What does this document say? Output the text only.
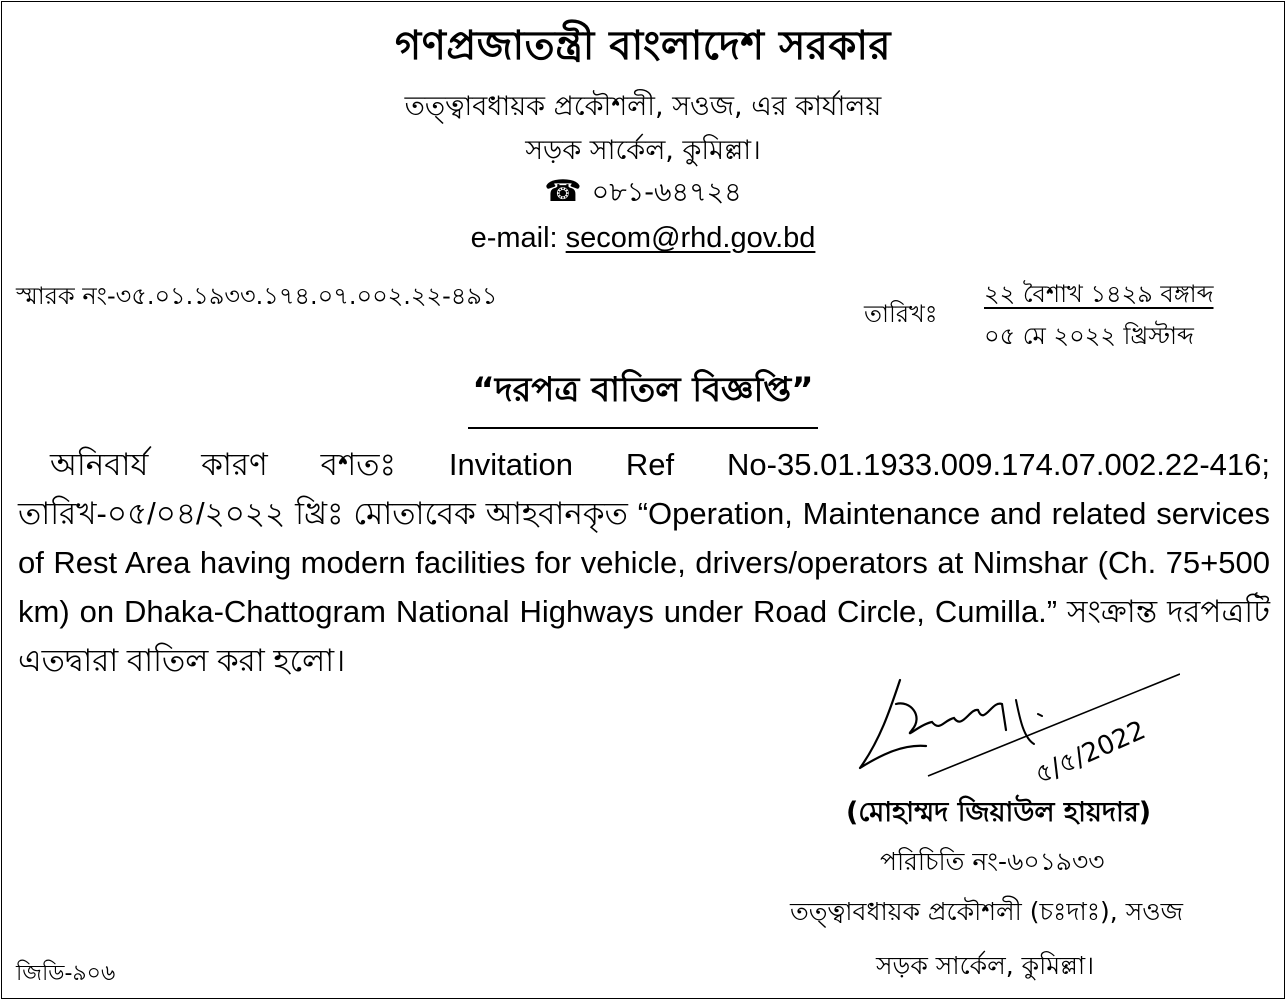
গণপ্রজাতন্ত্রী বাংলাদেশ সরকার
তত্ত্বাবধায়ক প্রকৌশলী, সওজ, এর কার্যালয়
সড়ক সার্কেল, কুমিল্লা।
☎ ০৮১-৬৪৭২৪
e-mail: secom@rhd.gov.bd
স্মারক নং-৩৫.০১.১৯৩৩.১৭৪.০৭.০০২.২২-৪৯১
তারিখঃ
২২ বৈশাখ ১৪২৯ বঙ্গাব্দ
০৫ মে ২০২২ খ্রিস্টাব্দ
“দরপত্র বাতিল বিজ্ঞপ্তি”

অনিবার্য কারণ বশতঃ Invitation Ref No-35.01.1933.009.174.07.002.22-416; তারিখ-০৫/০৪/২০২২ খ্রিঃ মোতাবেক আহবানকৃত “Operation, Maintenance and related services of Rest Area having modern facilities for vehicle, drivers/operators at Nimshar (Ch. 75+500 km) on Dhaka-Chattogram National Highways under Road Circle, Cumilla.” সংক্রান্ত দরপত্রটি এতদ্বারা বাতিল করা হলো।

৫/৫/2022
(মোহাম্মদ জিয়াউল হায়দার)
পরিচিতি নং-৬০১৯৩৩
তত্ত্বাবধায়ক প্রকৌশলী (চঃদাঃ), সওজ
সড়ক সার্কেল, কুমিল্লা।
জিডি-৯০৬
